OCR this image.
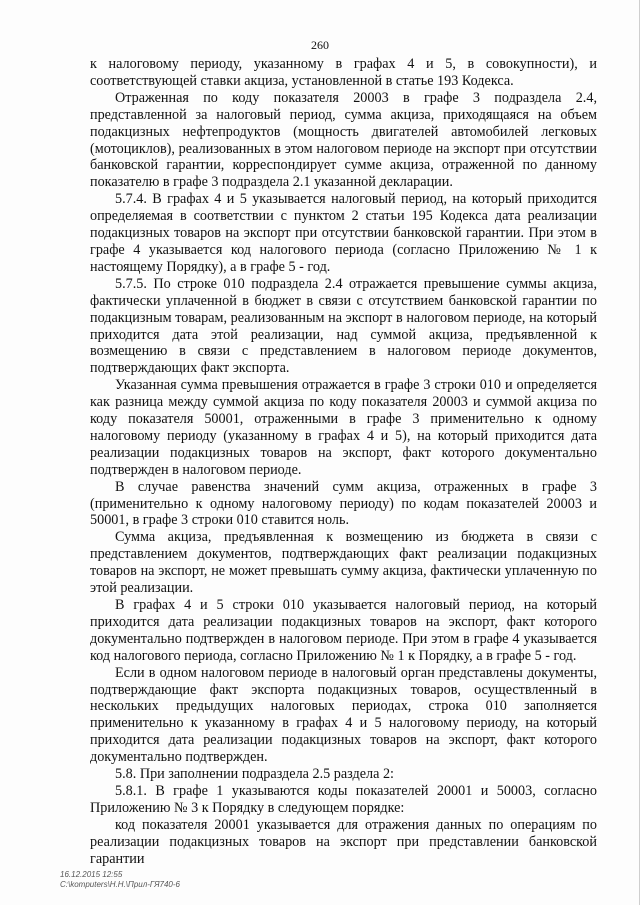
260

к налоговому периоду, указанному в графах 4 и 5, в совокупности), и соответствующей ставки акциза, установленной в статье 193 Кодекса.

Отраженная по коду показателя 20003 в графе 3 подраздела 2.4, представленной за налоговый период, сумма акциза, приходящаяся на объем подакцизных нефтепродуктов (мощность двигателей автомобилей легковых (мотоциклов), реализованных в этом налоговом периоде на экспорт при отсутствии банковской гарантии, корреспондирует сумме акциза, отраженной по данному показателю в графе 3 подраздела 2.1 указанной декларации.

5.7.4. В графах 4 и 5 указывается налоговый период, на который приходится определяемая в соответствии с пунктом 2 статьи 195 Кодекса дата реализации подакцизных товаров на экспорт при отсутствии банковской гарантии. При этом в графе 4 указывается код налогового периода (согласно Приложению № 1 к настоящему Порядку), а в графе 5 - год.

5.7.5. По строке 010 подраздела 2.4 отражается превышение суммы акциза, фактически уплаченной в бюджет в связи с отсутствием банковской гарантии по подакцизным товарам, реализованным на экспорт в налоговом периоде, на который приходится дата этой реализации, над суммой акциза, предъявленной к возмещению в связи с представлением в налоговом периоде документов, подтверждающих факт экспорта.

Указанная сумма превышения отражается в графе 3 строки 010 и определяется как разница между суммой акциза по коду показателя 20003 и суммой акциза по коду показателя 50001, отраженными в графе 3 применительно к одному налоговому периоду (указанному в графах 4 и 5), на который приходится дата реализации подакцизных товаров на экспорт, факт которого документально подтвержден в налоговом периоде.

В случае равенства значений сумм акциза, отраженных в графе 3 (применительно к одному налоговому периоду) по кодам показателей 20003 и 50001, в графе 3 строки 010 ставится ноль.

Сумма акциза, предъявленная к возмещению из бюджета в связи с представлением документов, подтверждающих факт реализации подакцизных товаров на экспорт, не может превышать сумму акциза, фактически уплаченную по этой реализации.

В графах 4 и 5 строки 010 указывается налоговый период, на который приходится дата реализации подакцизных товаров на экспорт, факт которого документально подтвержден в налоговом периоде. При этом в графе 4 указывается код налогового периода, согласно Приложению № 1 к Порядку, а в графе 5 - год.

Если в одном налоговом периоде в налоговый орган представлены документы, подтверждающие факт экспорта подакцизных товаров, осуществленный в нескольких предыдущих налоговых периодах, строка 010 заполняется применительно к указанному в графах 4 и 5 налоговому периоду, на который приходится дата реализации подакцизных товаров на экспорт, факт которого документально подтвержден.

5.8. При заполнении подраздела 2.5 раздела 2:

5.8.1. В графе 1 указываются коды показателей 20001 и 50003, согласно Приложению № 3 к Порядку в следующем порядке:

код показателя 20001 указывается для отражения данных по операциям по реализации подакцизных товаров на экспорт при представлении банковской гарантии

16.12.2015 12:55
C:\komputers\Н.Н.\Прил-ГЯ740-6
